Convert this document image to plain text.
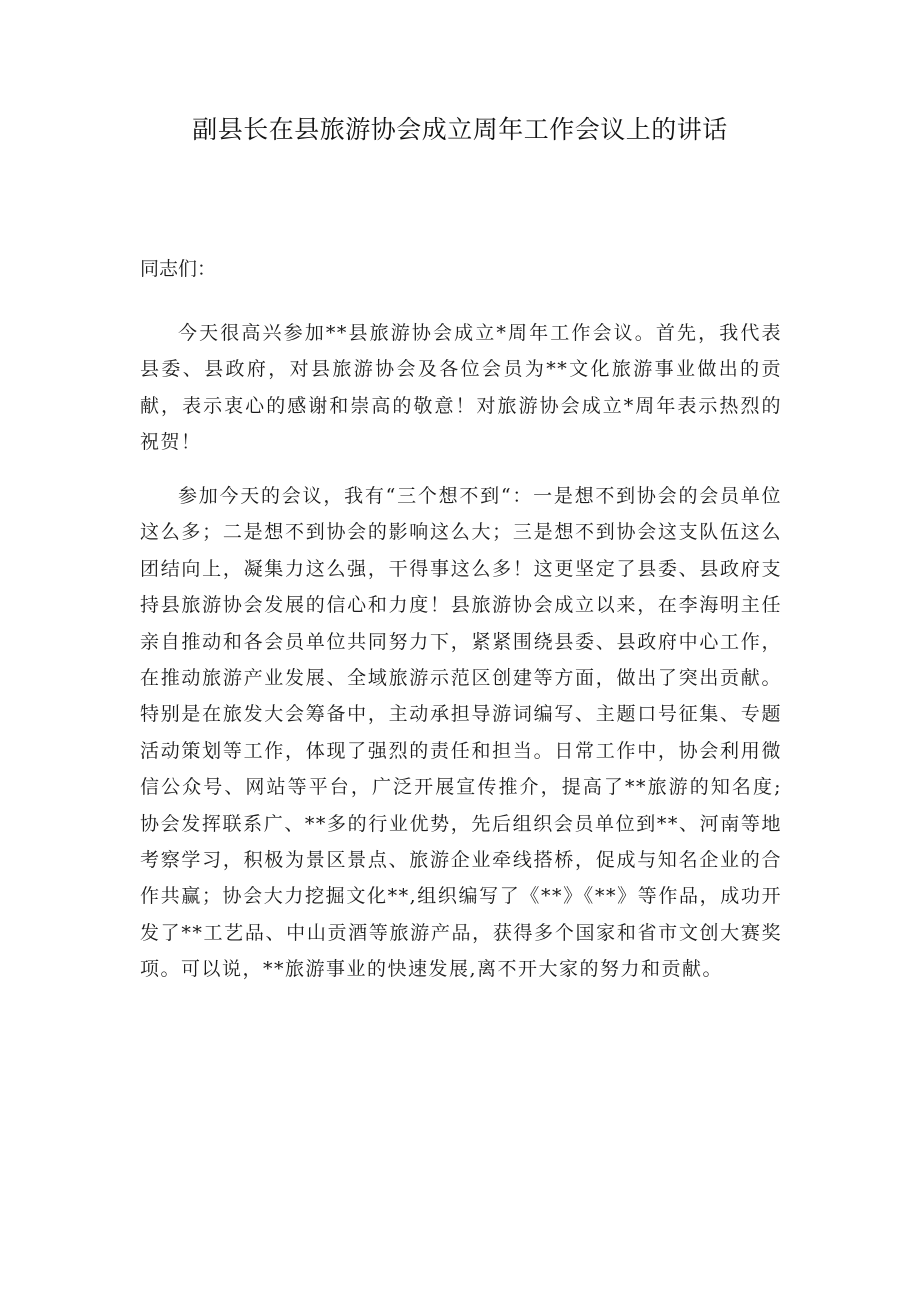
副县长在县旅游协会成立周年工作会议上的讲话

同志们：

今天很高兴参加**县旅游协会成立*周年工作会议。首先，我代表县委、县政府，对县旅游协会及各位会员为**文化旅游事业做出的贡献，表示衷心的感谢和崇高的敬意！对旅游协会成立*周年表示热烈的祝贺！

参加今天的会议，我有“三个想不到“：一是想不到协会的会员单位这么多；二是想不到协会的影响这么大；三是想不到协会这支队伍这么团结向上，凝集力这么强，干得事这么多！这更坚定了县委、县政府支持县旅游协会发展的信心和力度！县旅游协会成立以来，在李海明主任亲自推动和各会员单位共同努力下，紧紧围绕县委、县政府中心工作，在推动旅游产业发展、全域旅游示范区创建等方面，做出了突出贡献。特别是在旅发大会筹备中，主动承担导游词编写、主题口号征集、专题活动策划等工作，体现了强烈的责任和担当。日常工作中，协会利用微信公众号、网站等平台，广泛开展宣传推介，提高了**旅游的知名度;协会发挥联系广、**多的行业优势，先后组织会员单位到**、河南等地考察学习，积极为景区景点、旅游企业牵线搭桥，促成与知名企业的合作共赢；协会大力挖掘文化**,组织编写了《**》《**》等作品，成功开发了**工艺品、中山贡酒等旅游产品，获得多个国家和省市文创大赛奖项。可以说，**旅游事业的快速发展,离不开大家的努力和贡献。
